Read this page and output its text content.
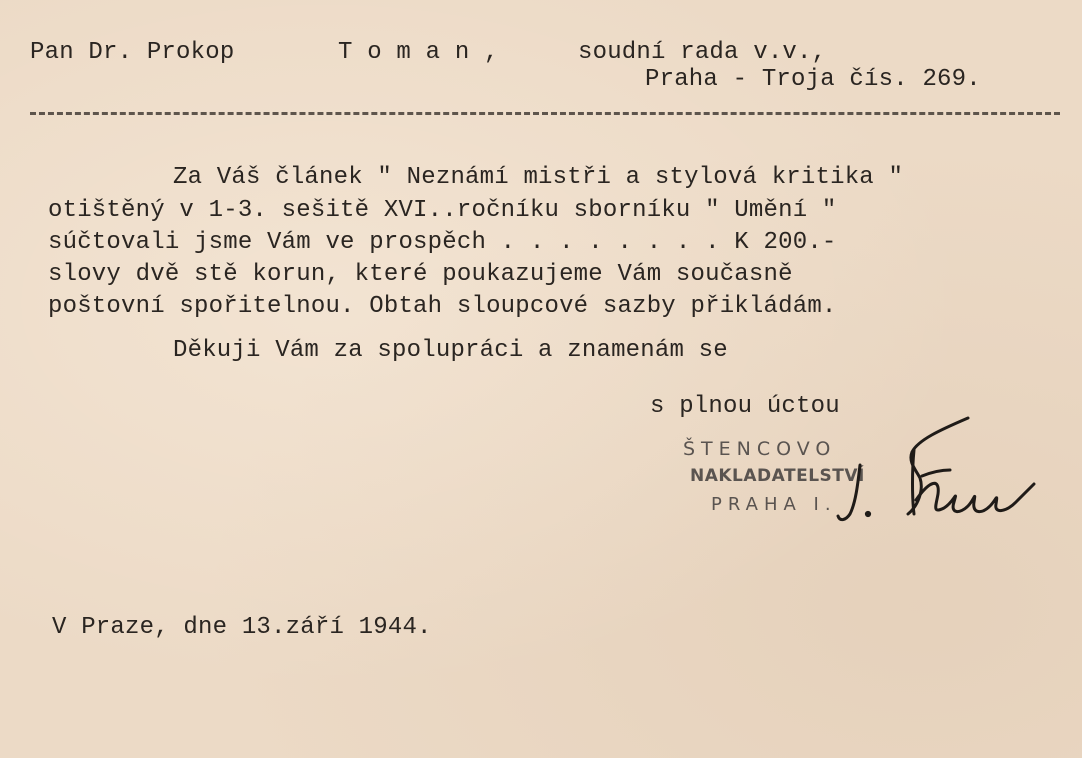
Pan Dr. Prokop	T o m a n ,	soudní rada v.v.,
Praha - Troja čís. 269.
Za Váš článek " Neznámí mistři a stylová kritika "
otištěný v 1-3. sešitě XVI..ročníku sborníku " Umění "
súčtovali jsme Vám ve prospěch . . . . . . . . K 200.-
slovy dvě stě korun, které poukazujeme Vám současně
poštovní spořitelnou. Obtah sloupcové sazby přikládám.
Děkuji Vám za spolupráci a znamenám se
s plnou úctou
ŠTENCOVO
NAKLADATELSTVÍ
PRAHA I.
V Praze, dne 13.září 1944.
